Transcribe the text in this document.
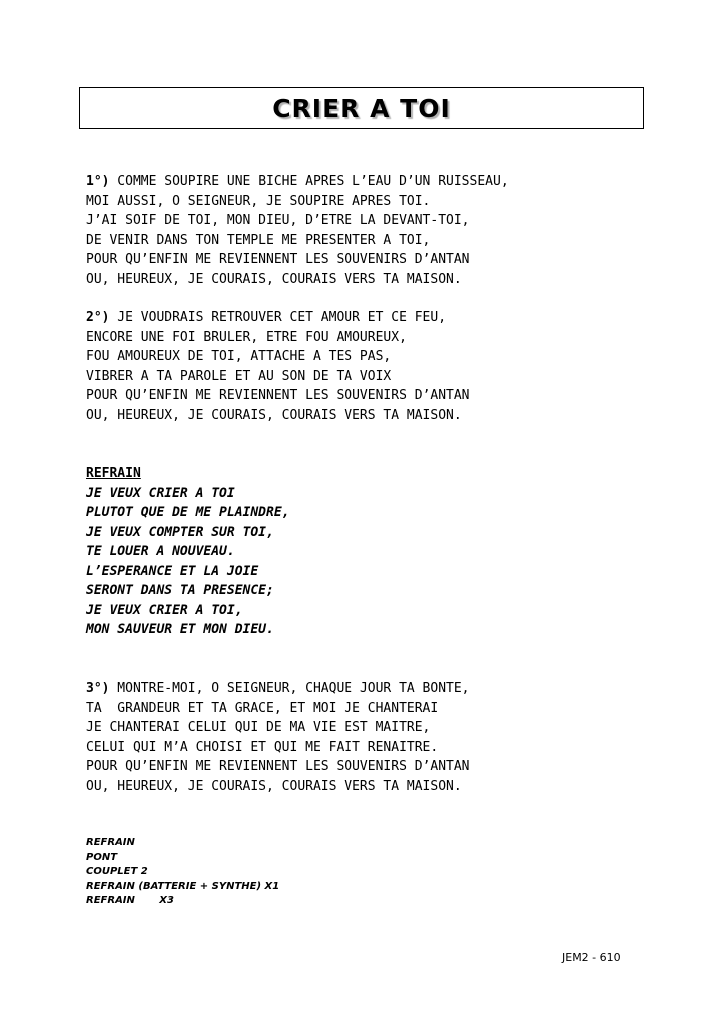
CRIER A TOI
1°) COMME SOUPIRE UNE BICHE APRES L’EAU D’UN RUISSEAU,
MOI AUSSI, O SEIGNEUR, JE SOUPIRE APRES TOI.
J’AI SOIF DE TOI, MON DIEU, D’ETRE LA DEVANT-TOI,
DE VENIR DANS TON TEMPLE ME PRESENTER A TOI,
POUR QU’ENFIN ME REVIENNENT LES SOUVENIRS D’ANTAN
OU, HEUREUX, JE COURAIS, COURAIS VERS TA MAISON.
2°) JE VOUDRAIS RETROUVER CET AMOUR ET CE FEU,
ENCORE UNE FOI BRULER, ETRE FOU AMOUREUX,
FOU AMOUREUX DE TOI, ATTACHE A TES PAS,
VIBRER A TA PAROLE ET AU SON DE TA VOIX
POUR QU’ENFIN ME REVIENNENT LES SOUVENIRS D’ANTAN
OU, HEUREUX, JE COURAIS, COURAIS VERS TA MAISON.
REFRAIN
JE VEUX CRIER A TOI
PLUTOT QUE DE ME PLAINDRE,
JE VEUX COMPTER SUR TOI,
TE LOUER A NOUVEAU.
L’ESPERANCE ET LA JOIE
SERONT DANS TA PRESENCE;
JE VEUX CRIER A TOI,
MON SAUVEUR ET MON DIEU.
3°) MONTRE-MOI, O SEIGNEUR, CHAQUE JOUR TA BONTE,
TA  GRANDEUR ET TA GRACE, ET MOI JE CHANTERAI
JE CHANTERAI CELUI QUI DE MA VIE EST MAITRE,
CELUI QUI M’A CHOISI ET QUI ME FAIT RENAITRE.
POUR QU’ENFIN ME REVIENNENT LES SOUVENIRS D’ANTAN
OU, HEUREUX, JE COURAIS, COURAIS VERS TA MAISON.
REFRAIN
PONT
COUPLET 2
REFRAIN (BATTERIE + SYNTHE) X1
REFRAIN       X3
JEM2 - 610
